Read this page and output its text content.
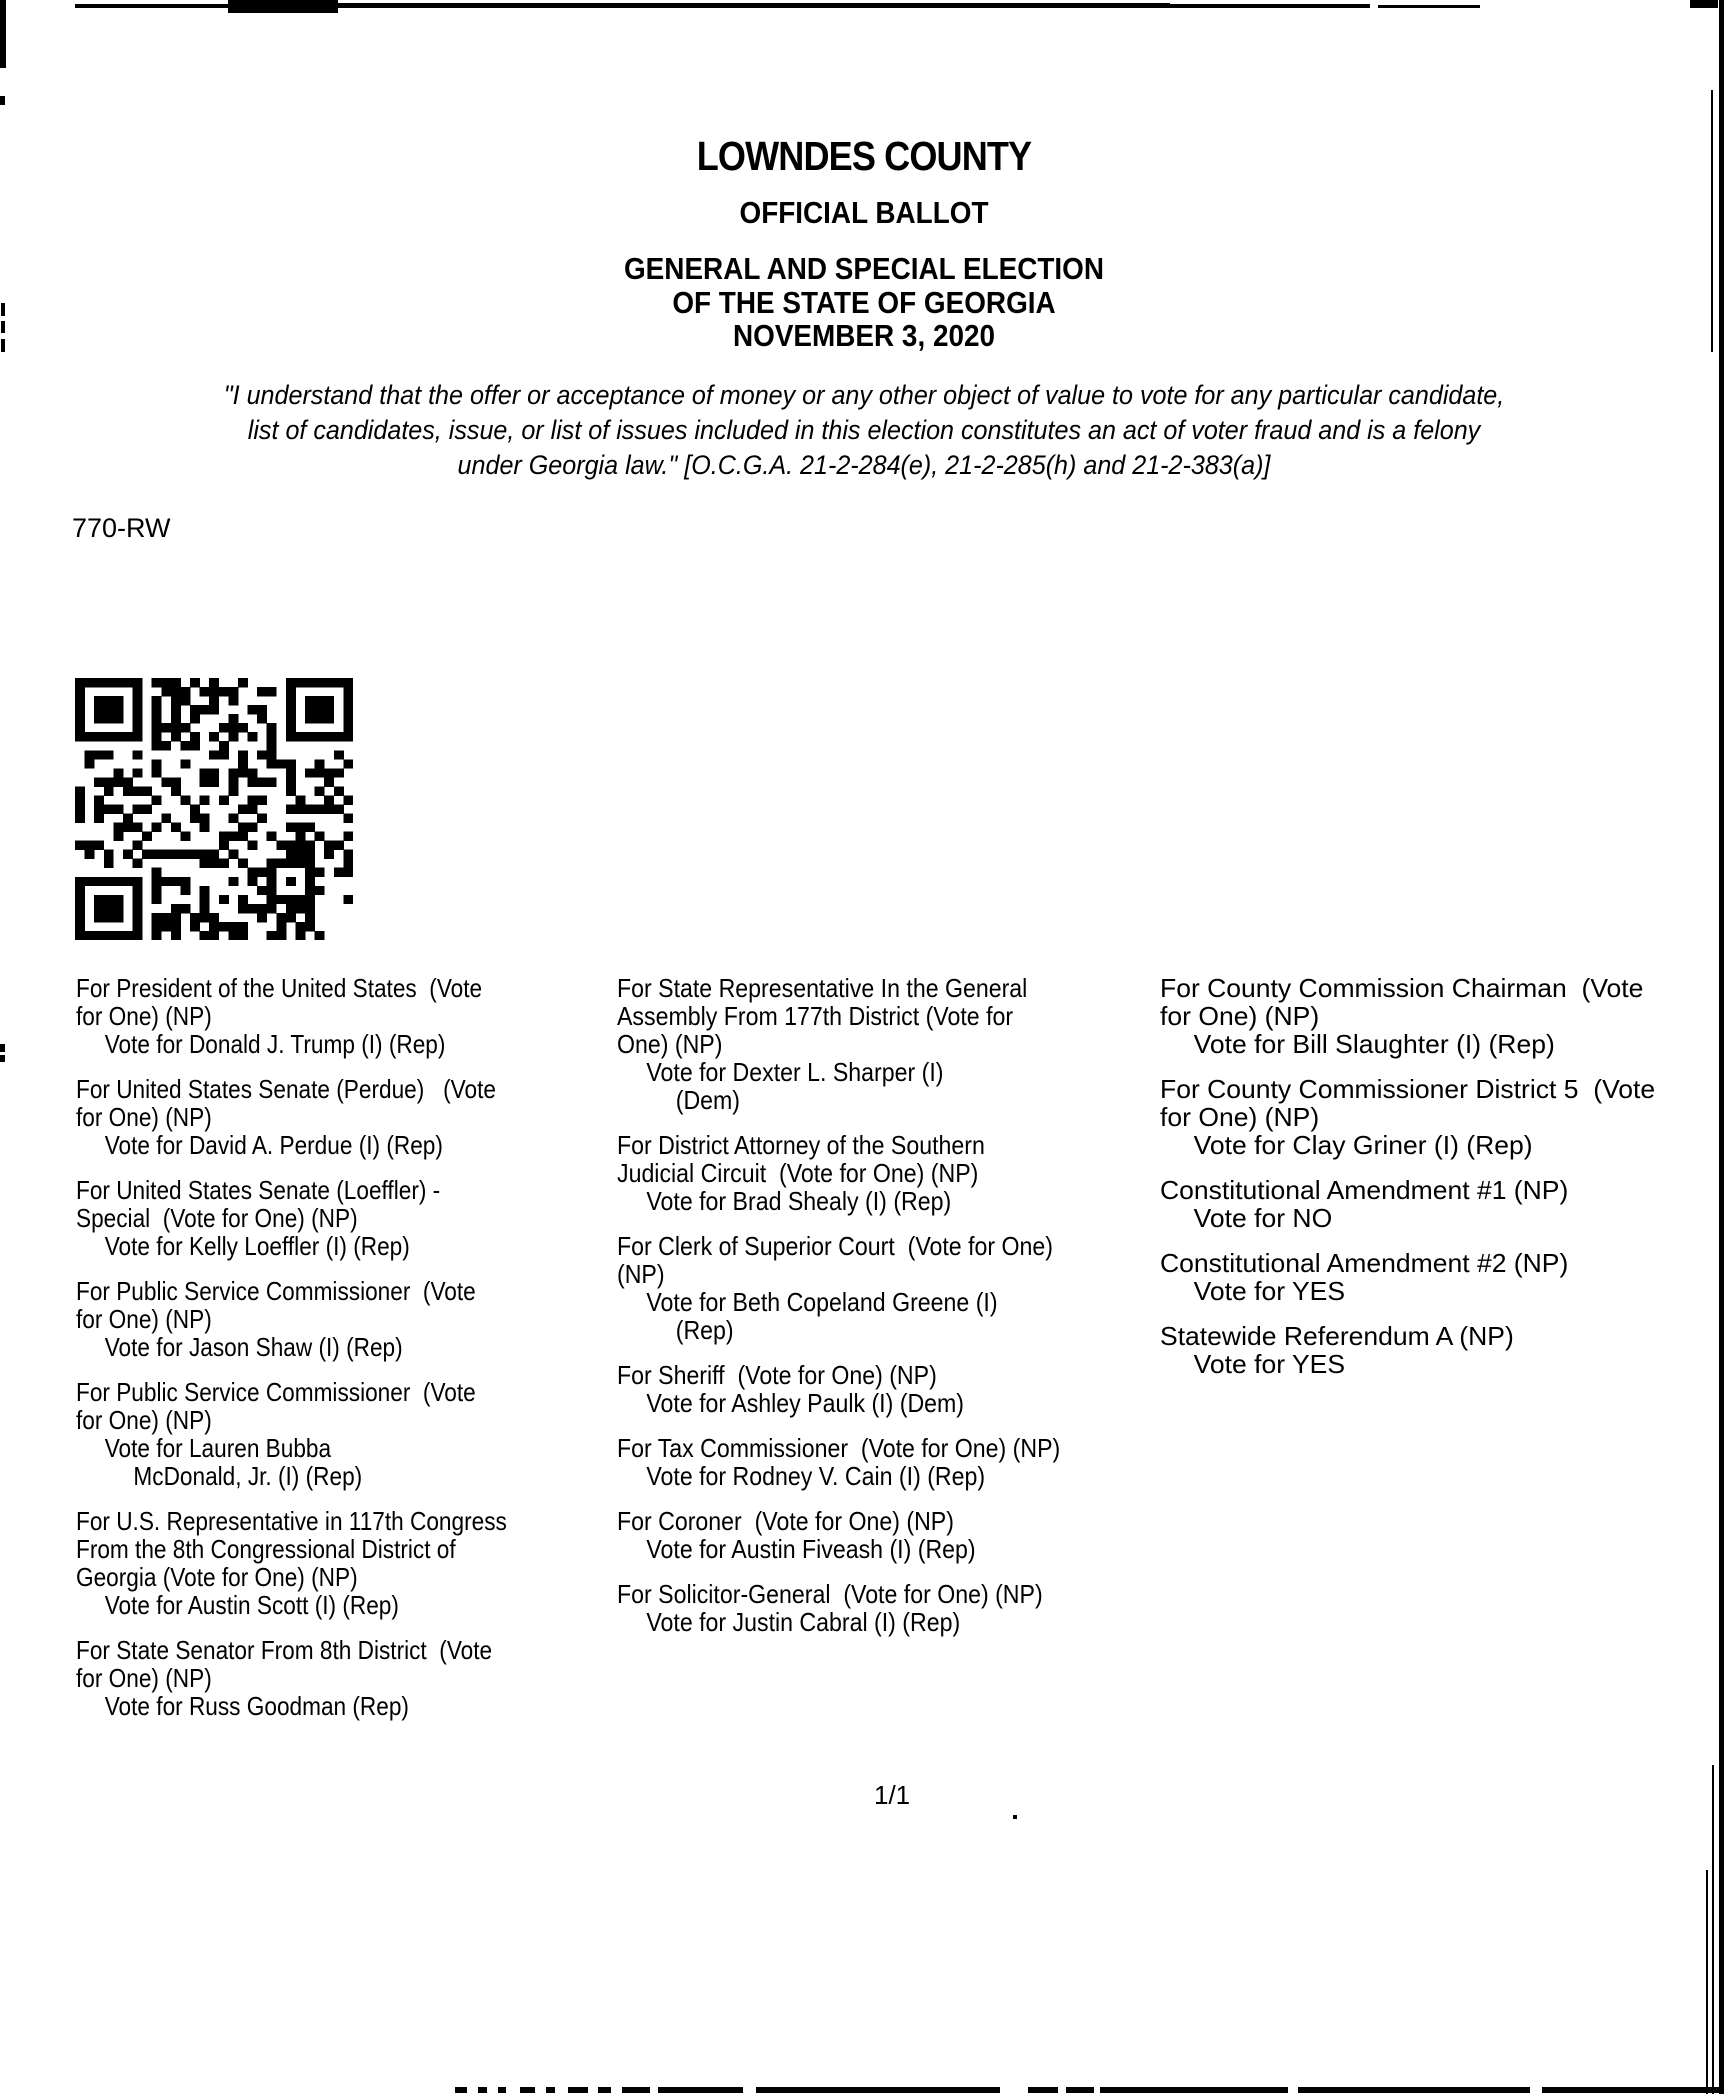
LOWNDES COUNTY
OFFICIAL BALLOT
GENERAL AND SPECIAL ELECTION
OF THE STATE OF GEORGIA
NOVEMBER 3, 2020
"I understand that the offer or acceptance of money or any other object of value to vote for any particular candidate,
list of candidates, issue, or list of issues included in this election constitutes an act of voter fraud and is a felony
under Georgia law." [O.C.G.A. 21-2-284(e), 21-2-285(h) and 21-2-383(a)]
770-RW
For President of the United States  (Vote
for One) (NP)
Vote for Donald J. Trump (I) (Rep)
For United States Senate (Perdue)   (Vote
for One) (NP)
Vote for David A. Perdue (I) (Rep)
For United States Senate (Loeffler) -
Special  (Vote for One) (NP)
Vote for Kelly Loeffler (I) (Rep)
For Public Service Commissioner  (Vote
for One) (NP)
Vote for Jason Shaw (I) (Rep)
For Public Service Commissioner  (Vote
for One) (NP)
Vote for Lauren Bubba
McDonald, Jr. (I) (Rep)
For U.S. Representative in 117th Congress
From the 8th Congressional District of
Georgia (Vote for One) (NP)
Vote for Austin Scott (I) (Rep)
For State Senator From 8th District  (Vote
for One) (NP)
Vote for Russ Goodman (Rep)
For State Representative In the General
Assembly From 177th District (Vote for
One) (NP)
Vote for Dexter L. Sharper (I)
(Dem)
For District Attorney of the Southern
Judicial Circuit  (Vote for One) (NP)
Vote for Brad Shealy (I) (Rep)
For Clerk of Superior Court  (Vote for One)
(NP)
Vote for Beth Copeland Greene (I)
(Rep)
For Sheriff  (Vote for One) (NP)
Vote for Ashley Paulk (I) (Dem)
For Tax Commissioner  (Vote for One) (NP)
Vote for Rodney V. Cain (I) (Rep)
For Coroner  (Vote for One) (NP)
Vote for Austin Fiveash (I) (Rep)
For Solicitor-General  (Vote for One) (NP)
Vote for Justin Cabral (I) (Rep)
For County Commission Chairman  (Vote
for One) (NP)
Vote for Bill Slaughter (I) (Rep)
For County Commissioner District 5  (Vote
for One) (NP)
Vote for Clay Griner (I) (Rep)
Constitutional Amendment #1 (NP)
Vote for NO
Constitutional Amendment #2 (NP)
Vote for YES
Statewide Referendum A (NP)
Vote for YES
1/1
